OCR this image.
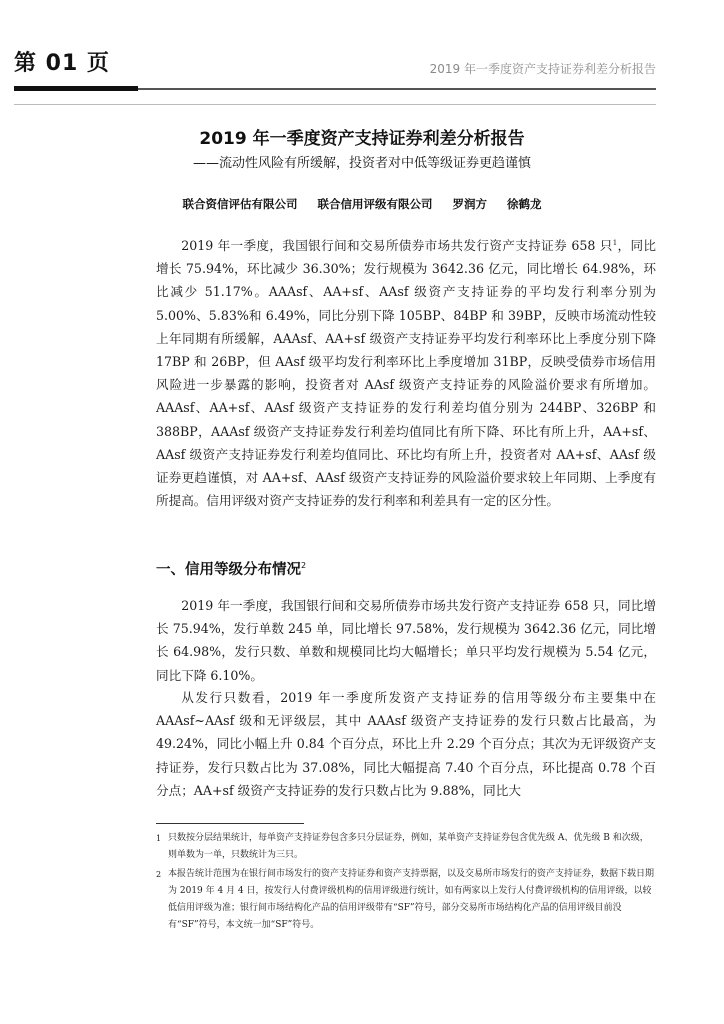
第 01 页	2019 年一季度资产支持证券利差分析报告
2019 年一季度资产支持证券利差分析报告
——流动性风险有所缓解，投资者对中低等级证券更趋谨慎
联合资信评估有限公司 联合信用评级有限公司 罗润方 徐鹤龙

2019 年一季度，我国银行间和交易所债券市场共发行资产支持证券 658 只$^1$，同比增长 75.94%，环比减少 36.30%；发行规模为 3642.36 亿元，同比增长 64.98%，环比减少 51.17%。AAAsf、AA+sf、AAsf 级资产支持证券的平均发行利率分别为 5.00%、5.83%和 6.49%，同比分别下降 105BP、84BP 和 39BP，反映市场流动性较上年同期有所缓解，AAAsf、AA+sf 级资产支持证券平均发行利率环比上季度分别下降 17BP 和 26BP，但 AAsf 级平均发行利率环比上季度增加 31BP，反映受债券市场信用风险进一步暴露的影响，投资者对 AAsf 级资产支持证券的风险溢价要求有所增加。AAAsf、AA+sf、AAsf 级资产支持证券的发行利差均值分别为 244BP、326BP 和 388BP，AAAsf 级资产支持证券发行利差均值同比有所下降、环比有所上升，AA+sf、AAsf 级资产支持证券发行利差均值同比、环比均有所上升，投资者对 AA+sf、AAsf 级证券更趋谨慎，对 AA+sf、AAsf 级资产支持证券的风险溢价要求较上年同期、上季度有所提高。信用评级对资产支持证券的发行利率和利差具有一定的区分性。

一、信用等级分布情况$^2$

2019 年一季度，我国银行间和交易所债券市场共发行资产支持证券 658 只，同比增长 75.94%，发行单数 245 单，同比增长 97.58%，发行规模为 3642.36 亿元，同比增长 64.98%，发行只数、单数和规模同比均大幅增长；单只平均发行规模为 5.54 亿元，同比下降 6.10%。

从发行只数看，2019 年一季度所发资产支持证券的信用等级分布主要集中在 AAAsf~AAsf 级和无评级层，其中 AAAsf 级资产支持证券的发行只数占比最高，为 49.24%，同比小幅上升 0.84 个百分点，环比上升 2.29 个百分点；其次为无评级资产支持证券，发行只数占比为 37.08%，同比大幅提高 7.40 个百分点，环比提高 0.78 个百分点；AA+sf 级资产支持证券的发行只数占比为 9.88%，同比大

1 只数按分层结果统计，每单资产支持证券包含多只分层证券，例如，某单资产支持证券包含优先级 A、优先级 B 和次级，则单数为一单，只数统计为三只。
2 本报告统计范围为在银行间市场发行的资产支持证券和资产支持票据，以及交易所市场发行的资产支持证券，数据下载日期为 2019 年 4 月 4 日，按发行人付费评级机构的信用评级进行统计，如有两家以上发行人付费评级机构的信用评级，以较低信用评级为准；银行间市场结构化产品的信用评级带有“SF”符号，部分交易所市场结构化产品的信用评级目前没有“SF”符号，本文统一加“SF”符号。
